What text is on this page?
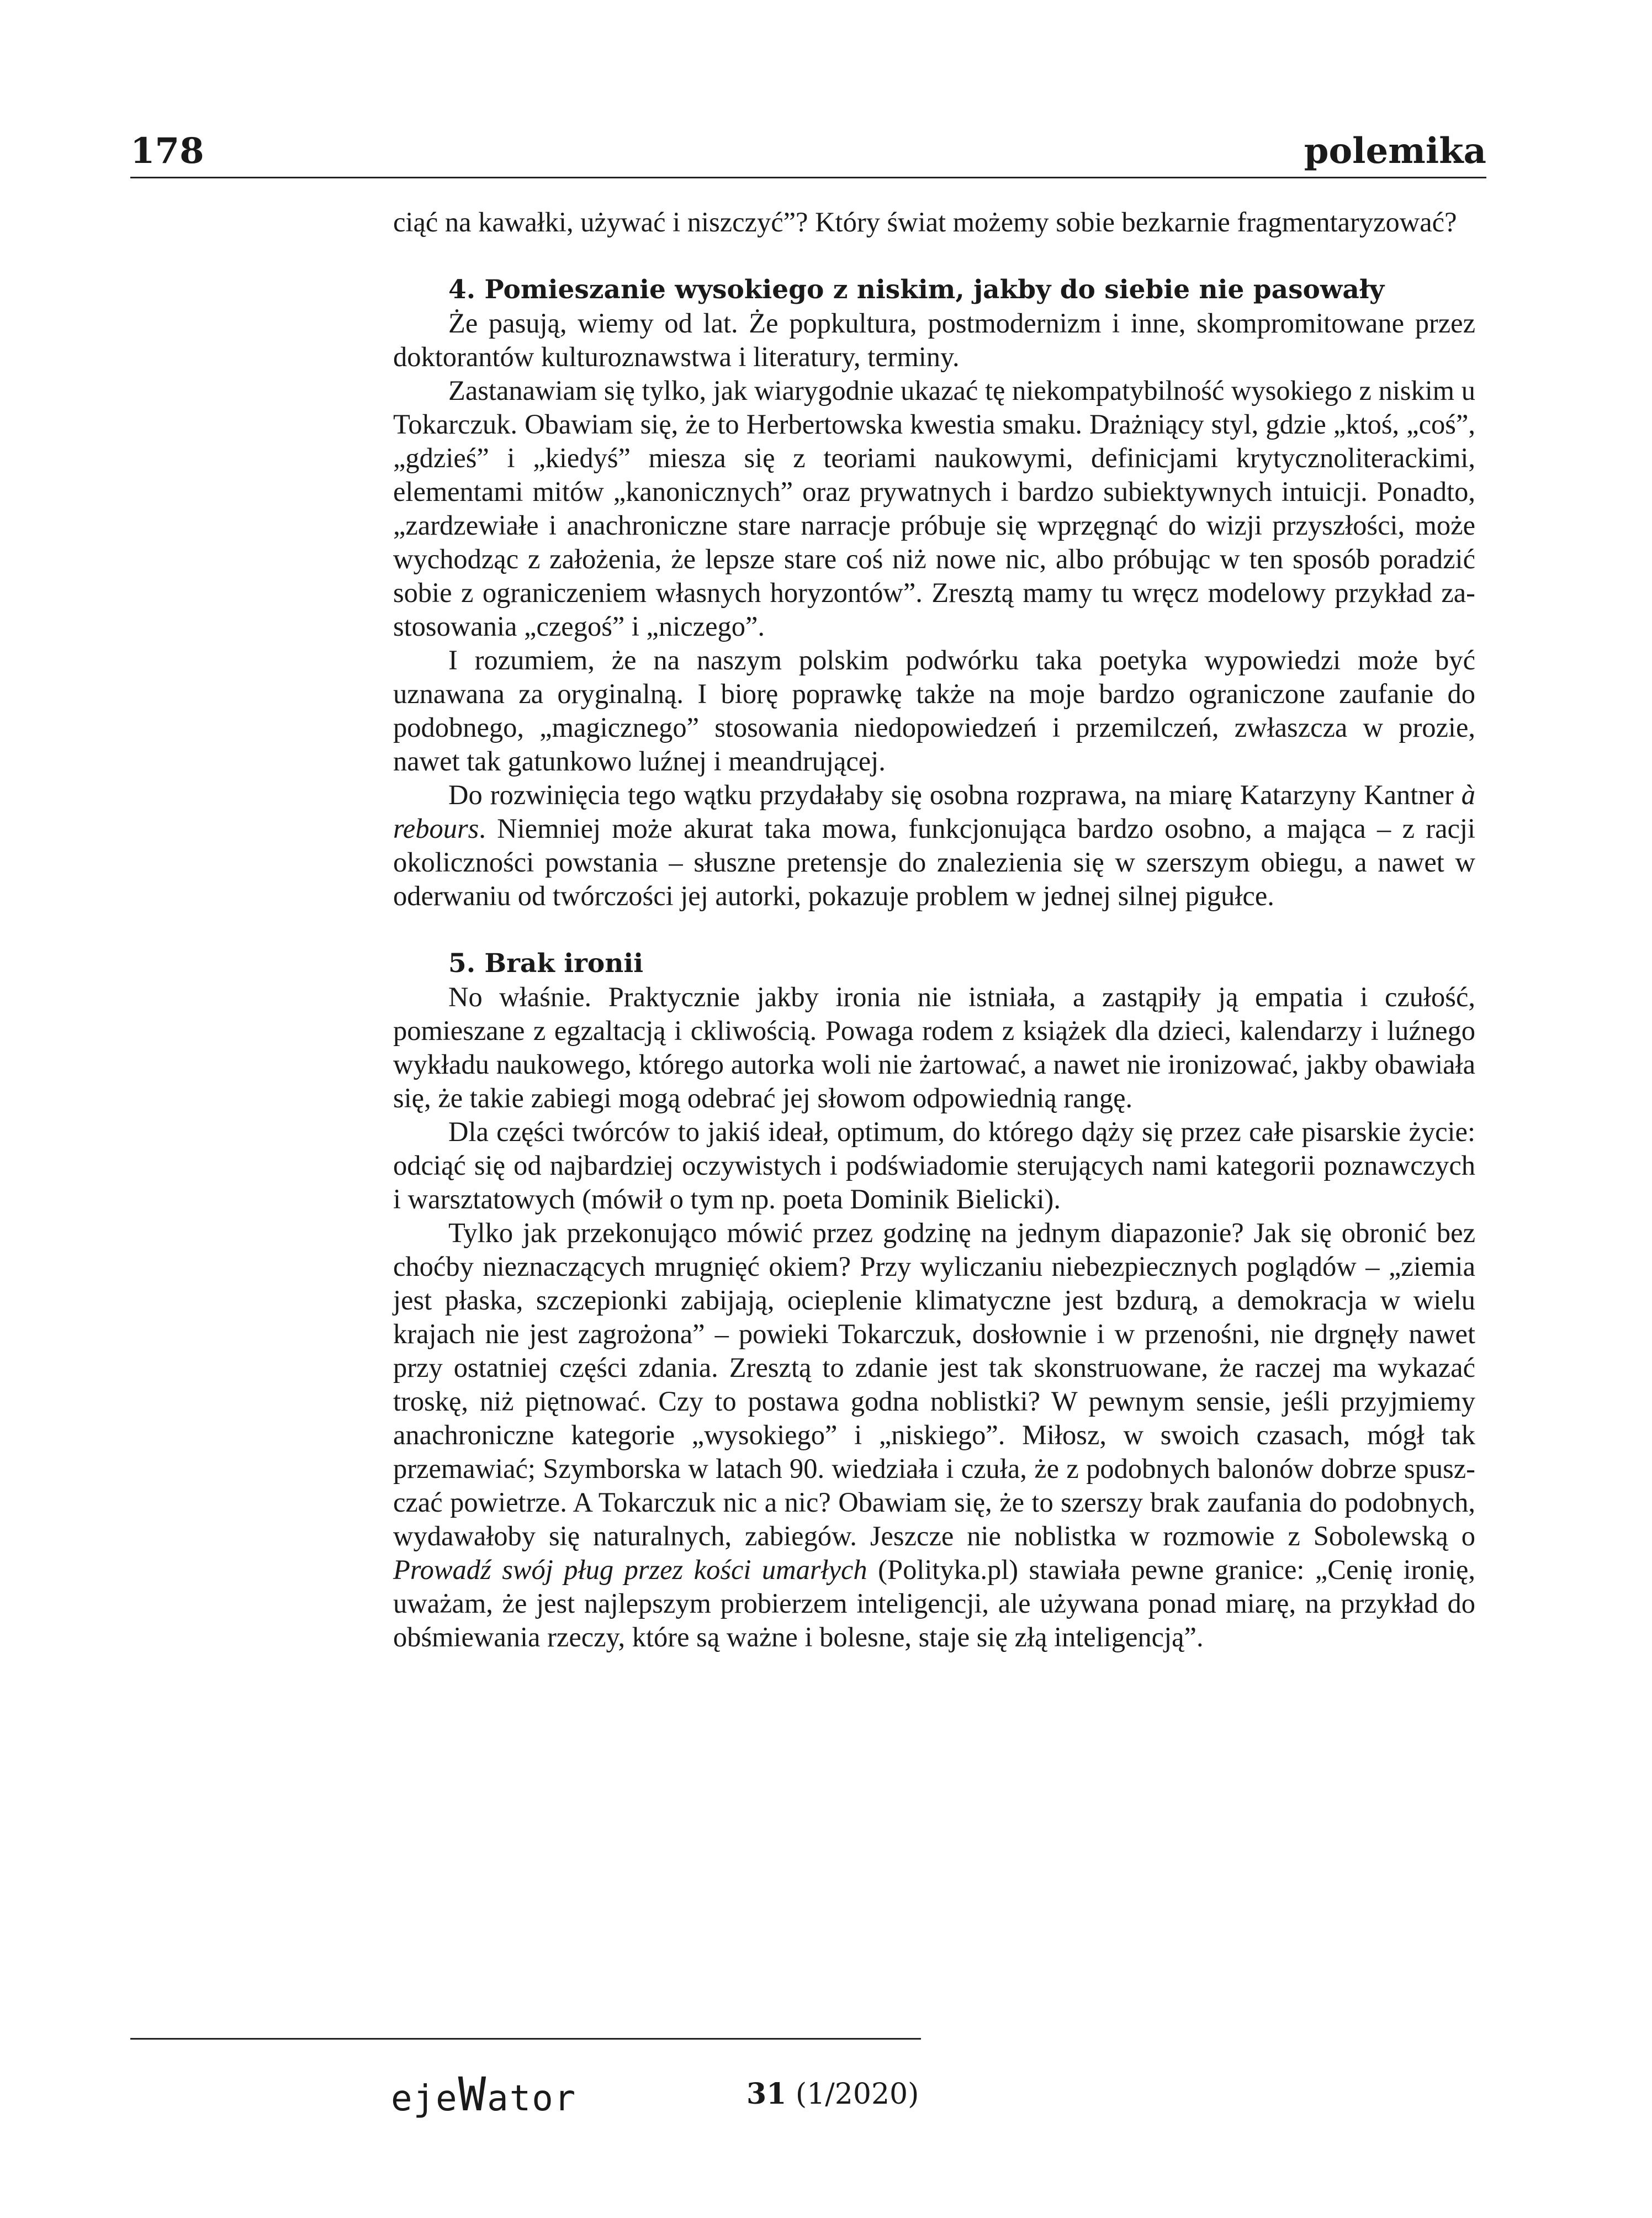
178	polemika

ciąć na kawałki, używać i niszczyć”? Który świat możemy sobie bezkarnie fragmentaryzować?

4. Pomieszanie wysokiego z niskim, jakby do siebie nie pasowały

Że pasują, wiemy od lat. Że popkultura, postmodernizm i inne, skompromitowane przez doktorantów kulturoznawstwa i literatury, terminy.

Zastanawiam się tylko, jak wiarygodnie ukazać tę niekompatybilność wysokiego z niskim u Tokarczuk. Obawiam się, że to Herbertowska kwestia smaku. Drażniący styl, gdzie „ktoś, „coś”, „gdzieś” i „kiedyś” miesza się z teoriami naukowymi, definicjami krytycznoliterackimi, elementami mitów „kanonicznych” oraz prywatnych i bardzo subiektywnych intuicji. Ponadto, „zardzewiałe i anachroniczne stare narracje próbuje się wprzęgnąć do wizji przyszłości, może wychodząc z założenia, że lepsze stare coś niż nowe nic, albo próbując w ten sposób poradzić sobie z ograniczeniem własnych horyzontów”. Zresztą mamy tu wręcz modelowy przykład zastosowania „czegoś” i „niczego”.

I rozumiem, że na naszym polskim podwórku taka poetyka wypowiedzi może być uznawana za oryginalną. I biorę poprawkę także na moje bardzo ograniczone zaufanie do podobnego, „magicznego” stosowania niedopowiedzeń i przemilczeń, zwłaszcza w prozie, nawet tak gatunkowo luźnej i meandrującej.

Do rozwinięcia tego wątku przydałaby się osobna rozprawa, na miarę Katarzyny Kantner à rebours. Niemniej może akurat taka mowa, funkcjonująca bardzo osobno, a mająca – z racji okoliczności powstania – słuszne pretensje do znalezienia się w szerszym obiegu, a nawet w oderwaniu od twórczości jej autorki, pokazuje problem w jednej silnej pigułce.

5. Brak ironii

No właśnie. Praktycznie jakby ironia nie istniała, a zastąpiły ją empatia i czułość, pomieszane z egzaltacją i ckliwością. Powaga rodem z książek dla dzieci, kalendarzy i luźnego wykładu naukowego, którego autorka woli nie żartować, a nawet nie ironizować, jakby obawiała się, że takie zabiegi mogą odebrać jej słowom odpowiednią rangę.

Dla części twórców to jakiś ideał, optimum, do którego dąży się przez całe pisarskie życie: odciąć się od najbardziej oczywistych i podświadomie sterujących nami kategorii poznawczych i warsztatowych (mówił o tym np. poeta Dominik Bielicki).

Tylko jak przekonująco mówić przez godzinę na jednym diapazonie? Jak się obronić bez choćby nieznaczących mrugnięć okiem? Przy wyliczaniu niebezpiecznych poglądów – „ziemia jest płaska, szczepionki zabijają, ocieplenie klimatyczne jest bzdurą, a demokracja w wielu krajach nie jest zagrożona” – powieki Tokarczuk, dosłownie i w przenośni, nie drgnęły nawet przy ostatniej części zdania. Zresztą to zdanie jest tak skonstruowane, że raczej ma wykazać troskę, niż piętnować. Czy to postawa godna noblistki? W pewnym sensie, jeśli przyjmiemy anachroniczne kategorie „wysokiego” i „niskiego”. Miłosz, w swoich czasach, mógł tak przemawiać; Szymborska w latach 90. wiedziała i czuła, że z podobnych balonów dobrze spuszczać powietrze. A Tokarczuk nic a nic? Obawiam się, że to szerszy brak zaufania do podobnych, wydawałoby się naturalnych, zabiegów. Jeszcze nie noblistka w rozmowie z Sobolewską o Prowadź swój pług przez kości umarłych (Polityka.pl) stawiała pewne granice: „Cenię ironię, uważam, że jest najlepszym probierzem inteligencji, ale używana ponad miarę, na przykład do obśmiewania rzeczy, które są ważne i bolesne, staje się złą inteligencją”.

ejeWator	31 (1/2020)
